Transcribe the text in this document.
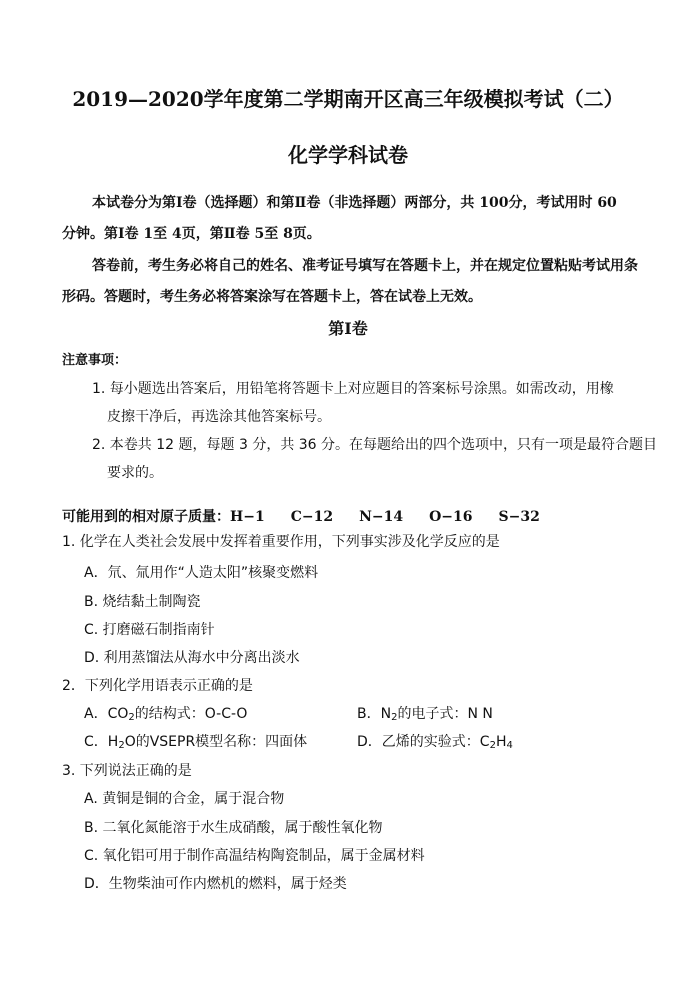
2019—2020学年度第二学期南开区高三年级模拟考试（二）
化学学科试卷
本试卷分为第Ⅰ卷（选择题）和第Ⅱ卷（非选择题）两部分，共 100分，考试用时 60
分钟。第Ⅰ卷 1至 4页，第Ⅱ卷 5至 8页。
答卷前，考生务必将自己的姓名、准考证号填写在答题卡上，并在规定位置粘贴考试用条
形码。答题时，考生务必将答案涂写在答题卡上，答在试卷上无效。
第Ⅰ卷
注意事项：
1. 每小题选出答案后，用铅笔将答题卡上对应题目的答案标号涂黑。如需改动，用橡
皮擦干净后，再选涂其他答案标号。
2. 本卷共 12 题，每题 3 分，共 36 分。在每题给出的四个选项中，只有一项是最符合题目
要求的。
可能用到的相对原子质量：H−1 C−12 N−14 O−16 S−32
1. 化学在人类社会发展中发挥着重要作用，下列事实涉及化学反应的是
A．氘、氚用作“人造太阳”核聚变燃料
B. 烧结黏土制陶瓷
C. 打磨磁石制指南针
D. 利用蒸馏法从海水中分离出淡水
2．下列化学用语表示正确的是
A．$CO_2$的结构式：O-C-O	B．$N_2$的电子式：N N
C．$H_2O$的VSEPR模型名称：四面体	D．乙烯的实验式：$C_2H_4$
3. 下列说法正确的是
A. 黄铜是铜的合金，属于混合物
B. 二氧化氮能溶于水生成硝酸，属于酸性氧化物
C. 氧化铝可用于制作高温结构陶瓷制品，属于金属材料
D．生物柴油可作内燃机的燃料，属于烃类
